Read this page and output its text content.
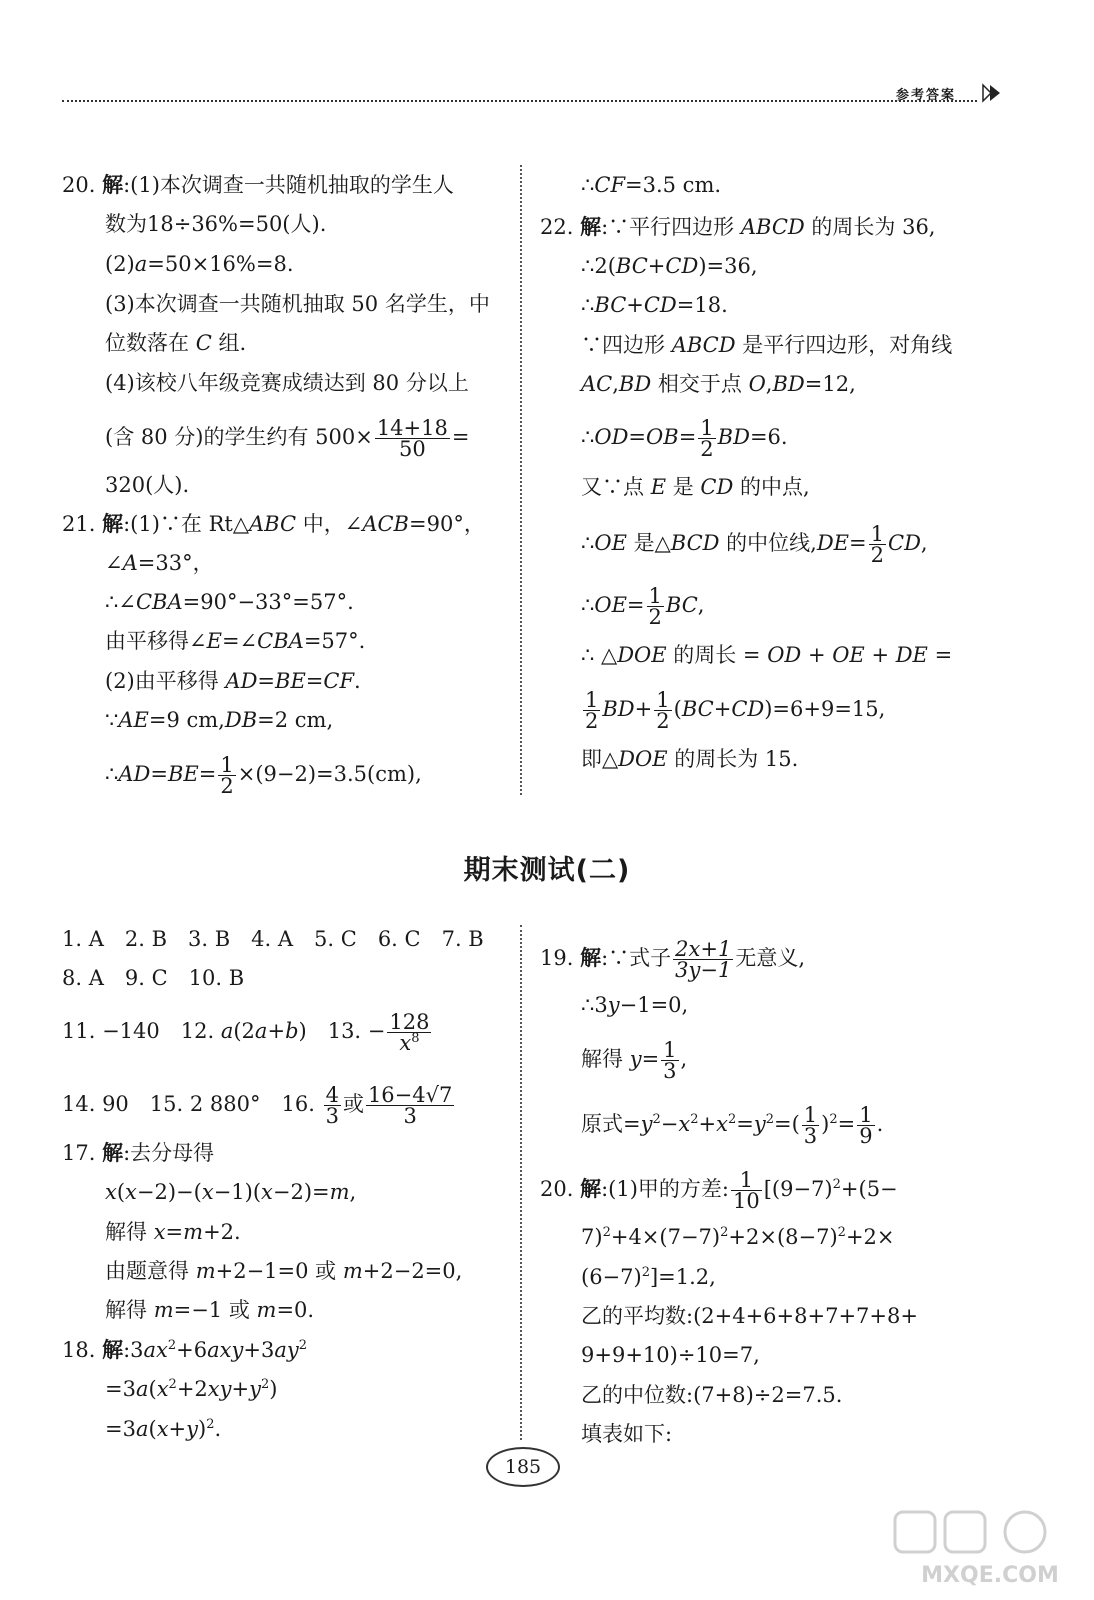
参考答案
20. 解:(1)本次调查一共随机抽取的学生人
数为18÷36%=50(人).
(2)a=50×16%=8.
(3)本次调查一共随机抽取 50 名学生，中
位数落在 C 组.
(4)该校八年级竞赛成绩达到 80 分以上
(含 80 分)的学生约有 $500\times \frac{14+18}{50}$ =
320(人).
21. 解:(1)∵在 Rt△ABC 中，∠ACB=90°，
∠A=33°，
∴∠CBA=90°−33°=57°.
由平移得∠E=∠CBA=57°.
(2)由平移得 AD=BE=CF.
∵AE=9 cm,DB=2 cm,
∴AD=BE= $\frac{1}{2} \times(9-2)=3.5(cm)$,
∴CF=3.5 cm.
22. 解:∵平行四边形 ABCD 的周长为 36,
∴2(BC+CD)=36,
∴BC+CD=18.
∵四边形 ABCD 是平行四边形，对角线
AC,BD 相交于点 O,BD=12,
∴OD=OB= $\frac{1}{2} BD=6$.
又∵点 E 是 CD 的中点,
∴OE 是△BCD 的中位线$,DE= \frac{1}{2}$ CD,
∴OE= $\frac{1}{2}$ BC,
∴ △DOE 的周长 = OD + OE + DE =
$\frac{1}{2} BD+ \frac{1}{2} (BC+CD)=6+9=15$,
即△DOE 的周长为 15.
期末测试(二)
1. A　2. B　3. B　4. A　5. C　6. C　7. B
8. A　9. C　10. B
11. −140　12. a(2a+b)　13. − $\frac{128}{x^8}$
14. 90　15. 2 880°　16. $\frac{4}{3}$ 或 $\frac{16-4√7}{3}$
17. 解:去分母得
x(x−2)−(x−1)(x−2)=m,
解得 x=m+2.
由题意得 m+2−1=0 或 m+2−2=0,
解得 m=−1 或 m=0.
18. 解$:3ax^2+6axy+3ay^2$
$=3a(x^2+2xy+y^2)$
$=3a(x+y)^2$.
19. 解:∵式子 $\frac{2x+1}{3y-1}$ 无意义,
∴3y−1=0,
解得 $y= \frac{1}{3}$ ,
原式$=y^2-x^2+x^2=y^2=( \frac{1}{3} )^2= \frac{1}{9}$ .
20. 解:(1)甲的方差: $\frac{1}{10} [(9-7)^2+(5-$
$7)^2+4\times(7-7)^2+2\times(8-7)^2+2\times$
$(6-7)^2]=1.2$,
乙的平均数:(2+4+6+8+7+7+8+
9+9+10)÷10=7,
乙的中位数:(7+8)÷2=7.5.
填表如下:
185
MXQE.COM
